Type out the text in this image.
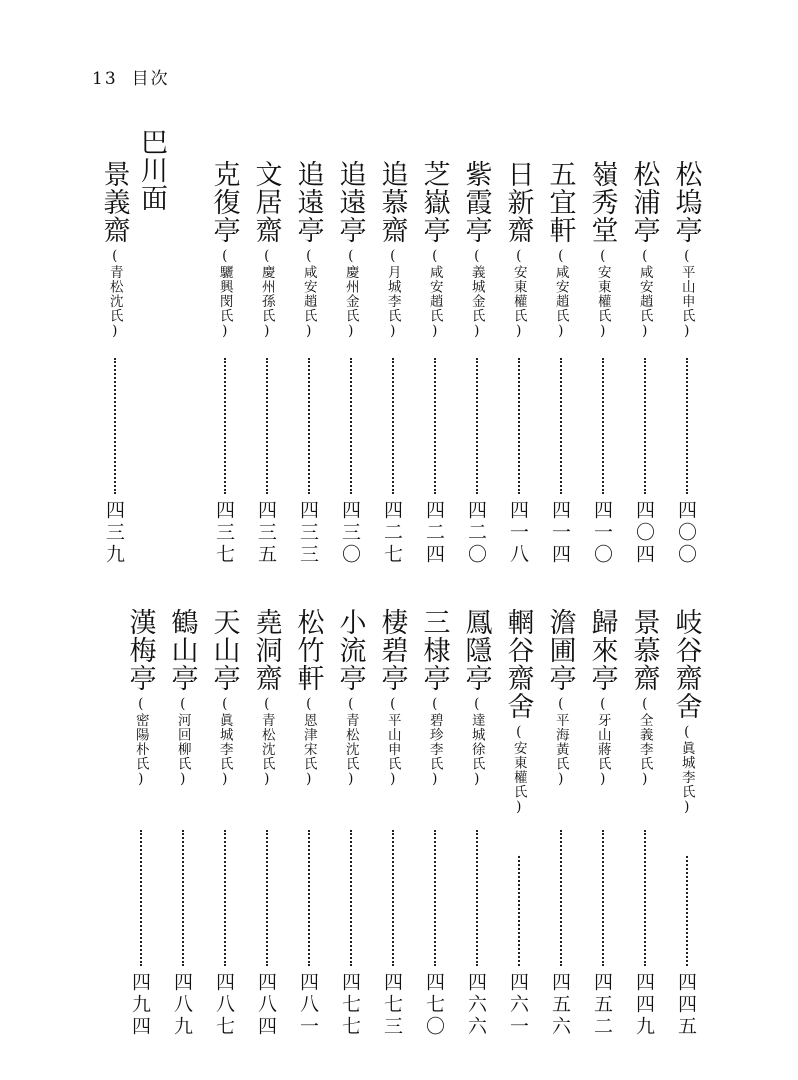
13 目次
松塢亭
( 平山申氏 )
四〇〇
松浦亭
( 咸安趙氏 )
四〇四
嶺秀堂
( 安東權氏 )
四一〇
五宜軒
( 咸安趙氏 )
四一四
日新齋
( 安東權氏 )
四一八
紫霞亭
( 義城金氏 )
四二〇
芝嶽亭
( 咸安趙氏 )
四二四
追慕齋
( 月城李氏 )
四二七
追遠亭
( 慶州金氏 )
四三〇
追遠亭
( 咸安趙氏 )
四三三
文居齋
( 慶州孫氏 )
四三五
克復亭
( 驪興閔氏 )
四三七
巴川面
景義齋
( 青松沈氏 )
四三九
岐谷齋舍
( 眞城李氏 )
四四五
景慕齋
( 全義李氏 )
四四九
歸來亭
( 牙山蔣氏 )
四五二
澹圃亭
( 平海黃氏 )
四五六
輞谷齋舍
( 安東權氏 )
四六一
鳳隱亭
( 達城徐氏 )
四六六
三棣亭
( 碧珍李氏 )
四七〇
棲碧亭
( 平山申氏 )
四七三
小流亭
( 青松沈氏 )
四七七
松竹軒
( 恩津宋氏 )
四八一
堯洞齋
( 青松沈氏 )
四八四
天山亭
( 眞城李氏 )
四八七
鶴山亭
( 河回柳氏 )
四八九
漢梅亭
( 密陽朴氏 )
四九四
